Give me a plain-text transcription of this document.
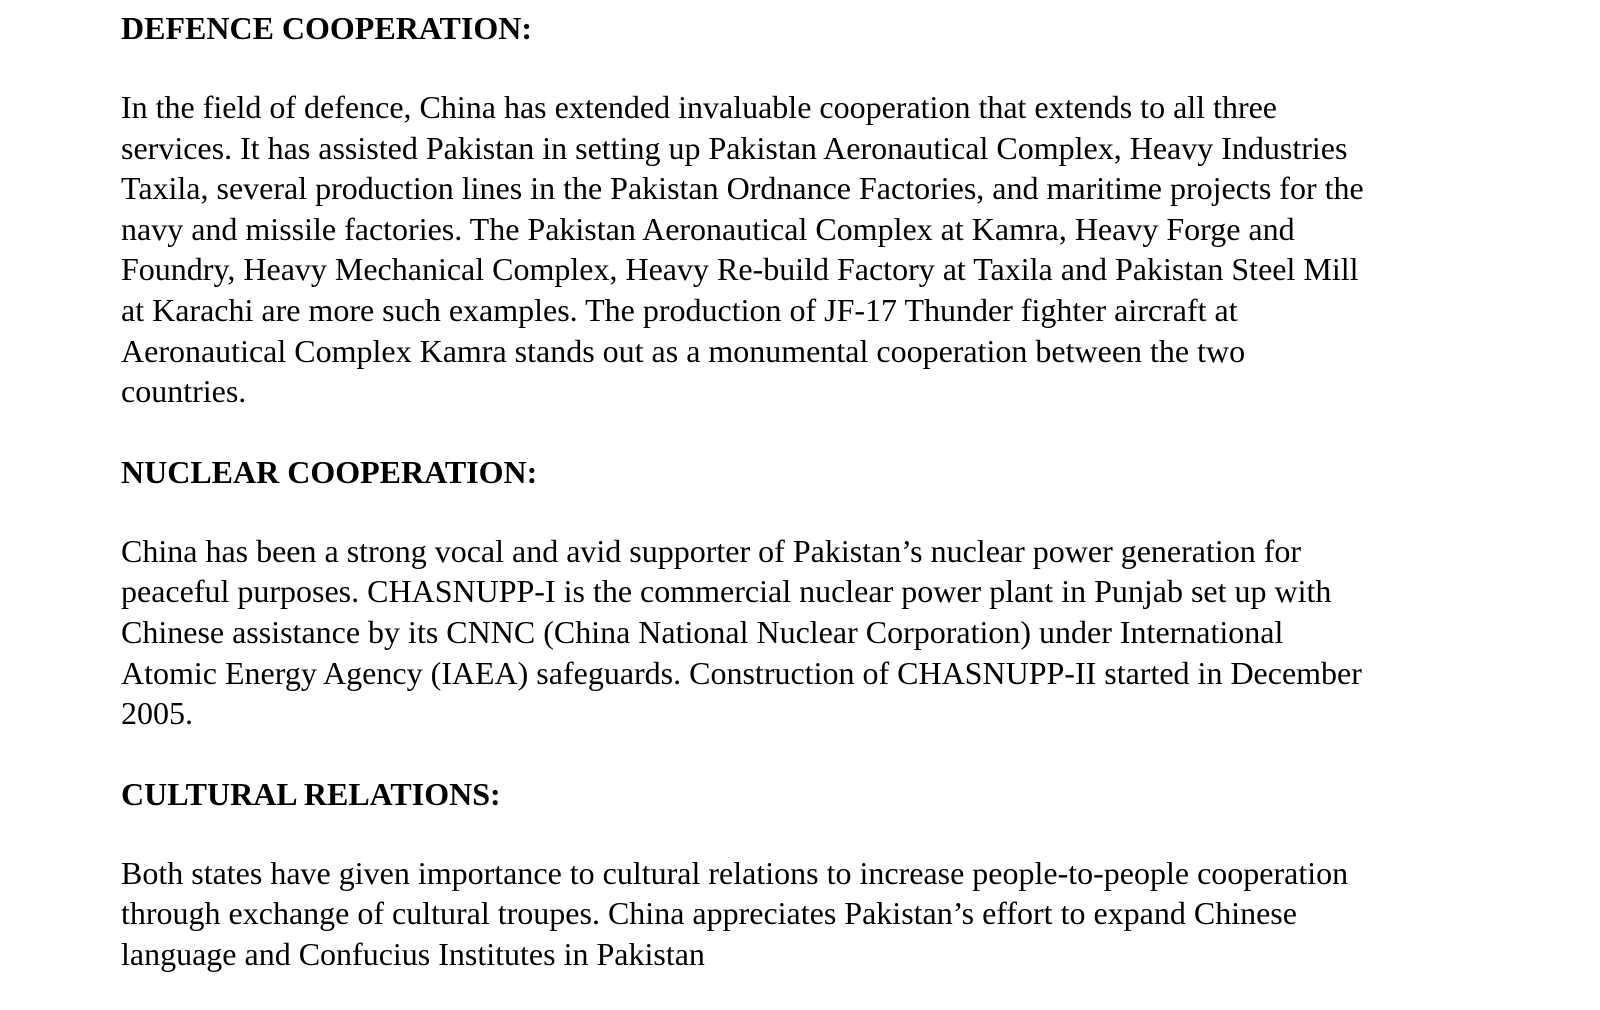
DEFENCE COOPERATION:

In the field of defence, China has extended invaluable cooperation that extends to all three
services. It has assisted Pakistan in setting up Pakistan Aeronautical Complex, Heavy Industries
Taxila, several production lines in the Pakistan Ordnance Factories, and maritime projects for the
navy and missile factories. The Pakistan Aeronautical Complex at Kamra, Heavy Forge and
Foundry, Heavy Mechanical Complex, Heavy Re-build Factory at Taxila and Pakistan Steel Mill
at Karachi are more such examples. The production of JF-17 Thunder fighter aircraft at
Aeronautical Complex Kamra stands out as a monumental cooperation between the two
countries.

NUCLEAR COOPERATION:

China has been a strong vocal and avid supporter of Pakistan’s nuclear power generation for
peaceful purposes. CHASNUPP-I is the commercial nuclear power plant in Punjab set up with
Chinese assistance by its CNNC (China National Nuclear Corporation) under International
Atomic Energy Agency (IAEA) safeguards. Construction of CHASNUPP-II started in December
2005.

CULTURAL RELATIONS:

Both states have given importance to cultural relations to increase people-to-people cooperation
through exchange of cultural troupes. China appreciates Pakistan’s effort to expand Chinese
language and Confucius Institutes in Pakistan
